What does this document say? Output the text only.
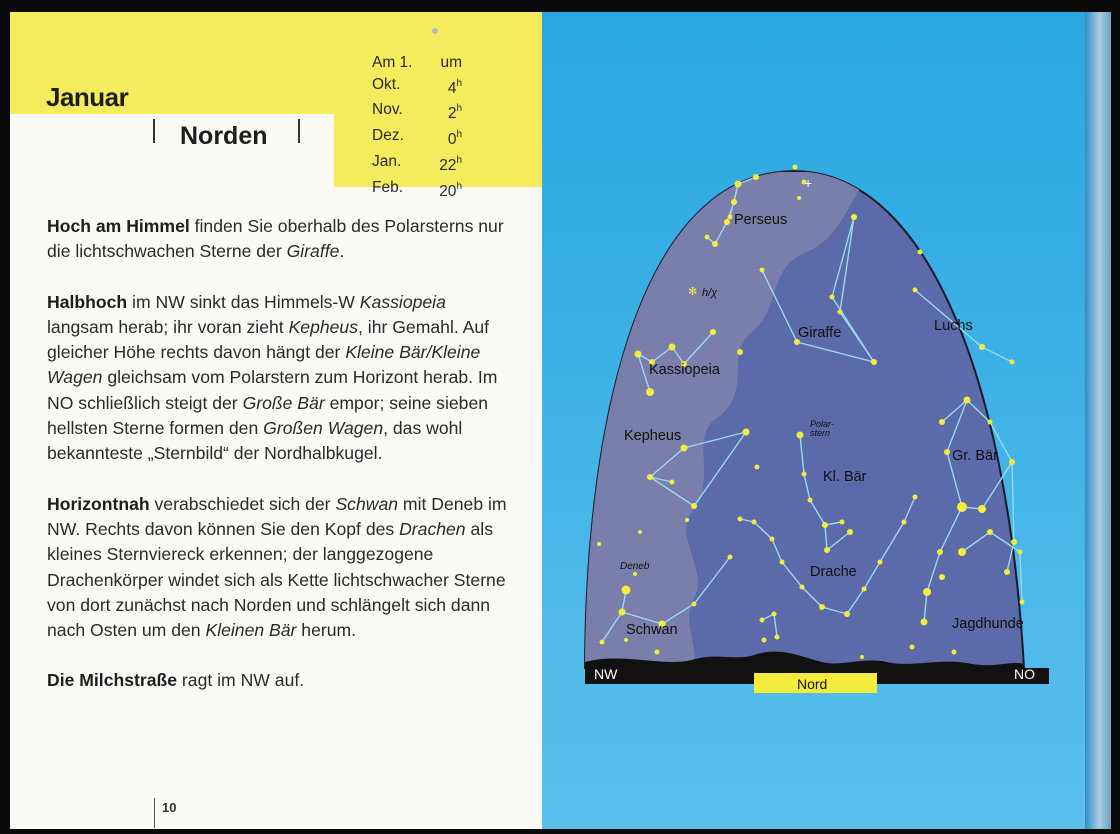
Januar
Norden
Am 1. um
Okt.	4$^h$
Nov.	2$^h$
Dez.	0$^h$
Jan. 22$^h$
Feb. 20$^h$

Hoch am Himmel finden Sie oberhalb des Polarsterns nur die lichtschwachen Sterne der Giraffe.

Halbhoch im NW sinkt das Himmels-W Kassiopeia langsam herab; ihr voran zieht Kepheus, ihr Gemahl. Auf gleicher Höhe rechts davon hängt der Kleine Bär/Kleine Wagen gleichsam vom Polarstern zum Horizont herab. Im NO schließlich steigt der Große Bär empor; seine sieben hellsten Sterne formen den Großen Wagen, das wohl bekannteste „Sternbild“ der Nordhalbkugel.

Horizontnah verabschiedet sich der Schwan mit Deneb im NW. Rechts davon können Sie den Kopf des Drachen als kleines Sternviereck erkennen; der langgezogene Drachenkörper windet sich als Kette lichtschwacher Sterne von dort zunächst nach Norden und schlängelt sich dann nach Osten um den Kleinen Bär herum.

Die Milchstraße ragt im NW auf.

10
+
✻
Perseus
h/χ
Giraffe	Luchs
Kassiopeia
Kepheus
Polar-
stern
Kl. Bär
Gr. Bär
Deneb	Drache
Schwan	Jagdhunde
NW
Nord
NO
